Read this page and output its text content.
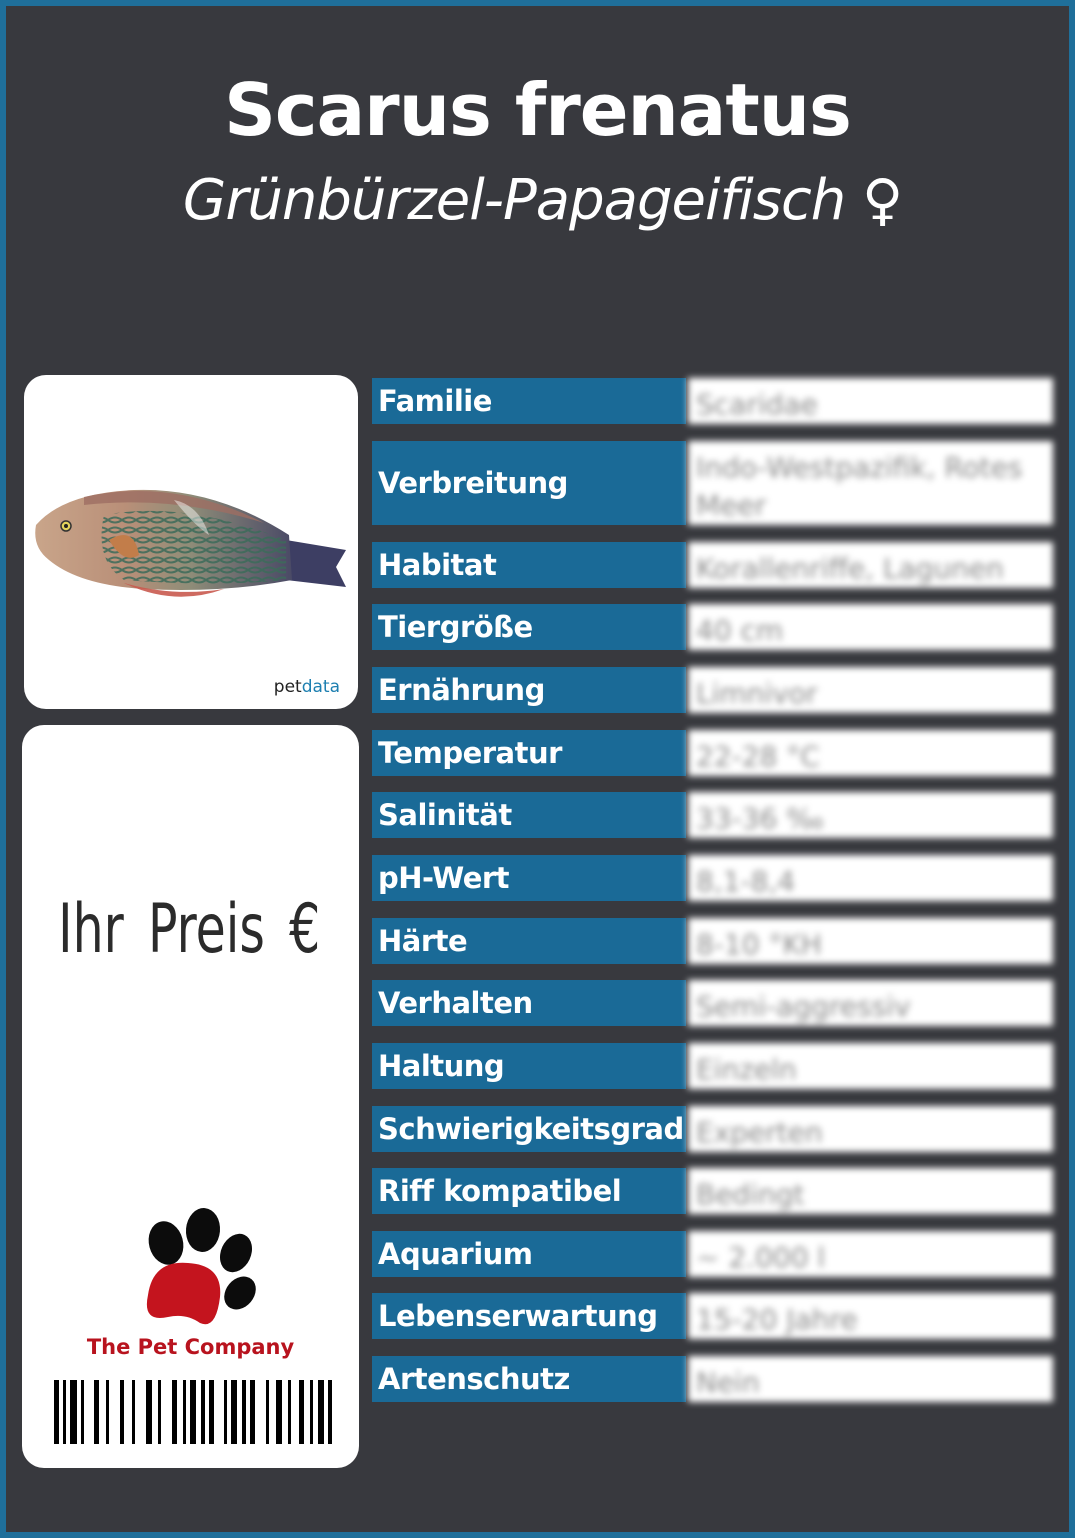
Scarus frenatus
Grünbürzel-Papageifisch ♀
petdata
Ihr Preis €
The Pet Company
Familie	Scaridae
Verbreitung	Indo-Westpazifik, Rotes Meer
Habitat	Korallenriffe, Lagunen
Tiergröße	40 cm
Ernährung	Limnivor
Temperatur	22-28 °C
Salinität	33-36 ‰
pH-Wert	8,1-8,4
Härte	8-10 °KH
Verhalten	Semi-aggressiv
Haltung	Einzeln
Schwierigkeitsgrad Experten
Riff kompatibel	Bedingt
Aquarium	~ 2.000 l
Lebenserwartung	15-20 Jahre
Artenschutz	Nein
